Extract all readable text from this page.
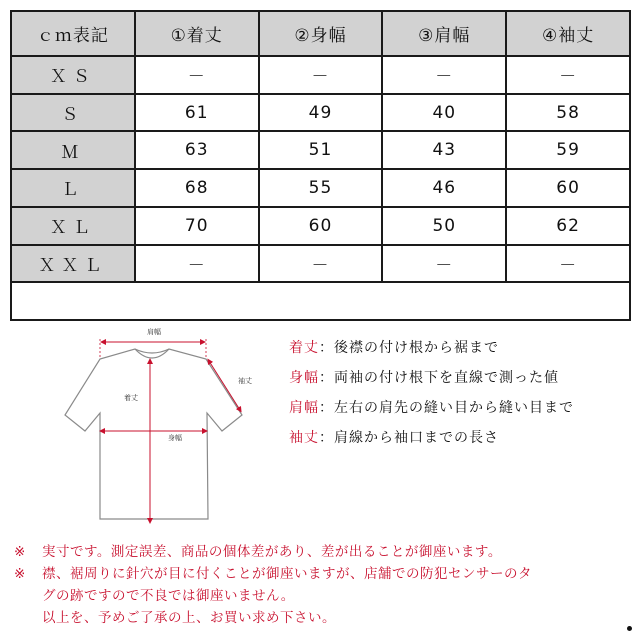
ｃｍ表記	①着丈	②身幅	③肩幅	④袖丈
ＸＳ	－	－	－	－
Ｓ	61	49	40	58
Ｍ	63	51	43	59
Ｌ	68	55	46	60
ＸＬ	70	60	50	62
ＸＸＬ	－	－	－	－

肩幅
袖丈
着丈
身幅
着丈：後襟の付け根から裾まで
身幅：両袖の付け根下を直線で測った値
肩幅：左右の肩先の縫い目から縫い目まで
袖丈：肩線から袖口までの長さ
※ 実寸です。測定誤差、商品の個体差があり、差が出ることが御座います。
※ 襟、裾周りに針穴が目に付くことが御座いますが、店舗での防犯センサーのタ
グの跡ですので不良では御座いません。
以上を、予めご了承の上、お買い求め下さい。
